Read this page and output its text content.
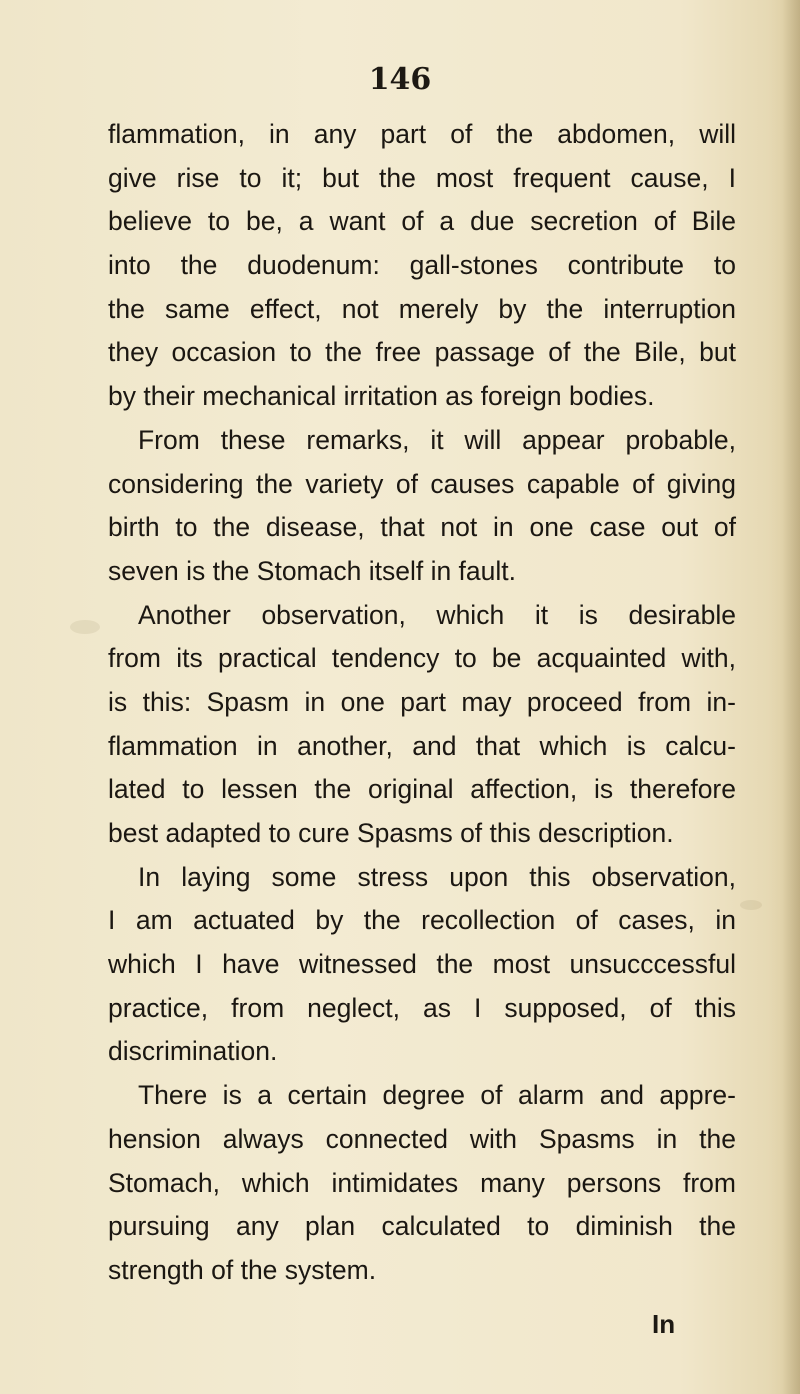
146
flammation, in any part of the abdomen, will
give rise to it; but the most frequent cause, I
believe to be, a want of a due secretion of Bile
into the duodenum: gall-stones contribute to
the same effect, not merely by the interruption
they occasion to the free passage of the Bile, but
by their mechanical irritation as foreign bodies.
From these remarks, it will appear probable,
considering the variety of causes capable of giving
birth to the disease, that not in one case out of
seven is the Stomach itself in fault.
Another observation, which it is desirable
from its practical tendency to be acquainted with,
is this: Spasm in one part may proceed from in-
flammation in another, and that which is calcu-
lated to lessen the original affection, is therefore
best adapted to cure Spasms of this description.
In laying some stress upon this observation,
I am actuated by the recollection of cases, in
which I have witnessed the most unsucccessful
practice, from neglect, as I supposed, of this
discrimination.
There is a certain degree of alarm and appre-
hension always connected with Spasms in the
Stomach, which intimidates many persons from
pursuing any plan calculated to diminish the
strength of the system.
In
